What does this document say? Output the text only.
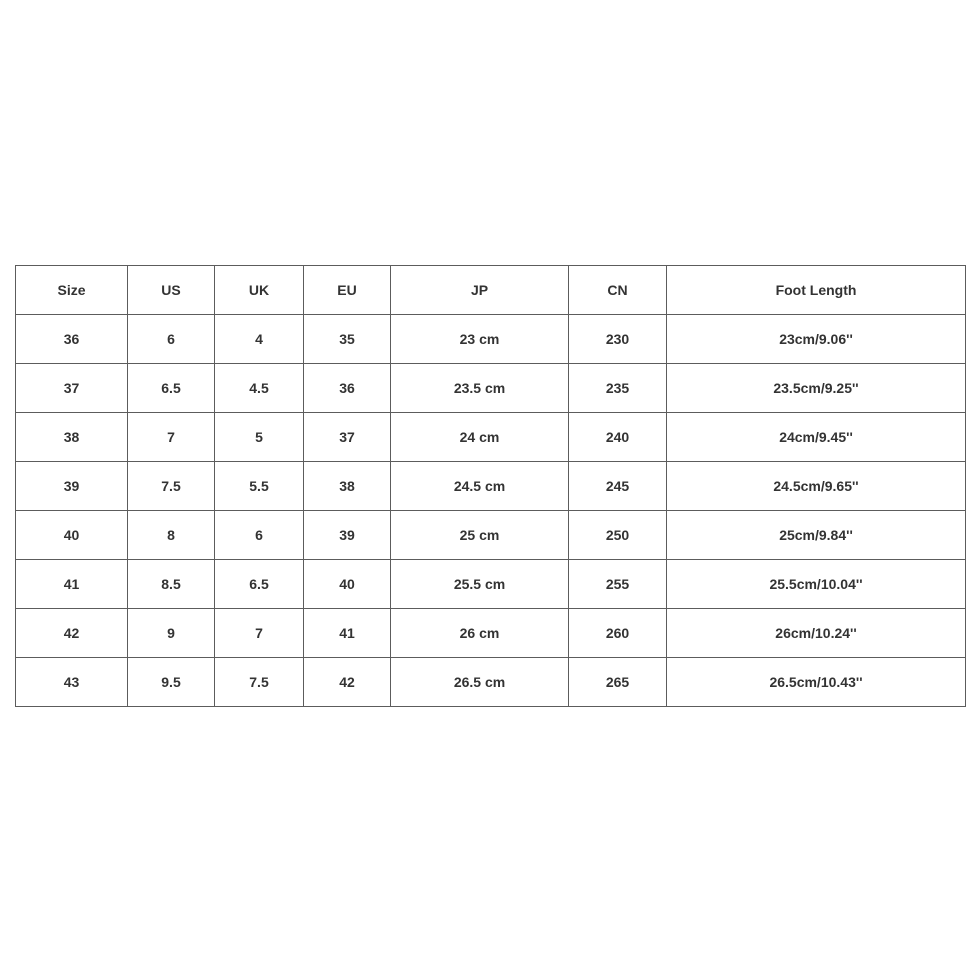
Size	US	UK	EU	JP	CN	Foot Length
36	6	4	35	23 cm	230	23cm/9.06''
37	6.5	4.5	36	23.5 cm	235	23.5cm/9.25''
38	7	5	37	24 cm	240	24cm/9.45''
39	7.5	5.5	38	24.5 cm	245	24.5cm/9.65''
40	8	6	39	25 cm	250	25cm/9.84''
41	8.5	6.5	40	25.5 cm	255	25.5cm/10.04''
42	9	7	41	26 cm	260	26cm/10.24''
43	9.5	7.5	42	26.5 cm	265	26.5cm/10.43''
